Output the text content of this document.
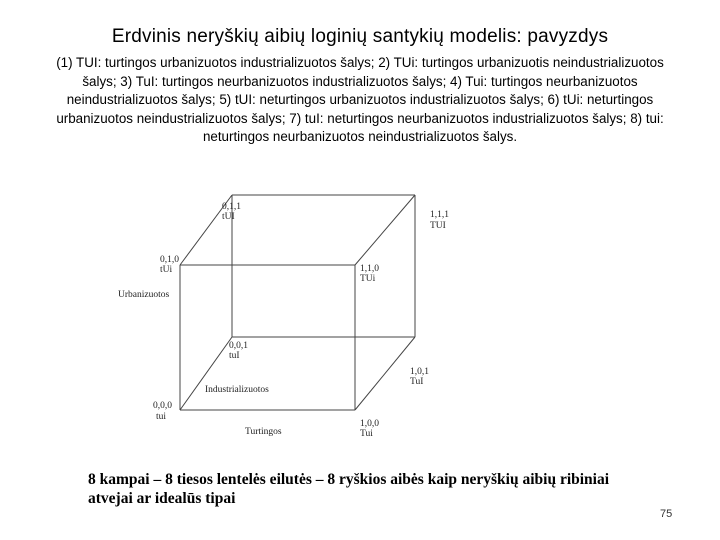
Erdvinis neryškių aibių loginių santykių modelis: pavyzdys
(1) TUI: turtingos urbanizuotos industrializuotos šalys; 2) TUi: turtingos urbanizuotis neindustrializuotos šalys; 3) TuI: turtingos neurbanizuotos industrializuotos šalys; 4) Tui: turtingos neurbanizuotos neindustrializuotos šalys; 5) tUI: neturtingos urbanizuotos industrializuotos šalys; 6) tUi: neturtingos urbanizuotos neindustrializuotos šalys; 7) tuI: neturtingos neurbanizuotos industrializuotos šalys; 8) tui: neturtingos neurbanizuotos neindustrializuotos šalys.
0,1,1
tUI	1,1,1
TUI
0,1,0
tUi	1,1,0
TUi
0,0,1
tuI
1,0,1
TuI
0,0,0
tui
1,0,0
Tui
Urbanizuotos
Industrializuotos
Turtingos
8 kampai – 8 tiesos lentelės eilutės – 8 ryškios aibės kaip neryškių aibių ribiniai atvejai ar idealūs tipai
75
